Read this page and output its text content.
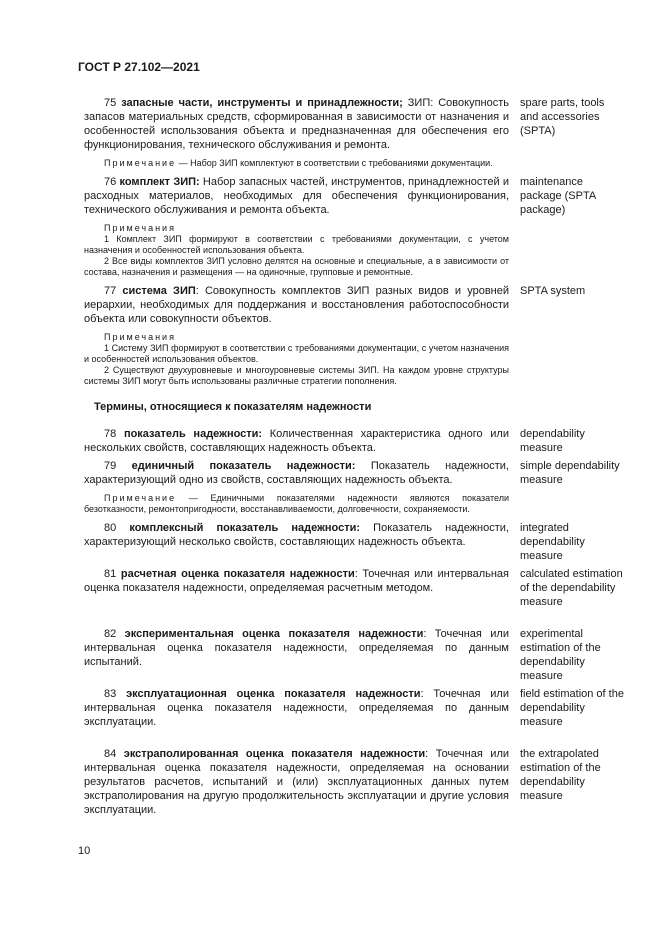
ГОСТ Р 27.102—2021
75 запасные части, инструменты и принадлежности; ЗИП: Совокупность запасов материальных средств, сформированная в зависимости от назначения и особенностей использования объекта и предназначенная для обеспечения его функционирования, технического обслуживания и ремонта.
spare parts, tools and accessories (SPTA)

Примечание — Набор ЗИП комплектуют в соответствии с требованиями документации.

76 комплект ЗИП: Набор запасных частей, инструментов, принадлежностей и расходных материалов, необходимых для обеспечения функционирования, технического обслуживания и ремонта объекта.
maintenance package (SPTA package)

Примечания

1 Комплект ЗИП формируют в соответствии с требованиями документации, с учетом назначения и особенностей использования объекта.

2 Все виды комплектов ЗИП условно делятся на основные и специальные, а в зависимости от состава, назначения и размещения — на одиночные, групповые и ремонтные.

77 система ЗИП: Совокупность комплектов ЗИП разных видов и уровней иерархии, необходимых для поддержания и восстановления работоспособности объекта или совокупности объектов.
SPTA system

Примечания

1 Систему ЗИП формируют в соответствии с требованиями документации, с учетом назначения и особенностей использования объектов.

2 Существуют двухуровневые и многоуровневые системы ЗИП. На каждом уровне структуры системы ЗИП могут быть использованы различные стратегии пополнения.

Термины, относящиеся к показателям надежности
78 показатель надежности: Количественная характеристика одного или нескольких свойств, составляющих надежность объекта.
dependability measure
79 единичный показатель надежности: Показатель надежности, характеризующий одно из свойств, составляющих надежность объекта.

Примечание — Единичными показателями надежности являются показатели безотказности, ремонтопригодности, восстанавливаемости, долговечности, сохраняемости.

simple dependability measure
80 комплексный показатель надежности: Показатель надежности, характеризующий несколько свойств, составляющих надежность объекта.
integrated dependability measure
81 расчетная оценка показателя надежности: Точечная или интервальная оценка показателя надежности, определяемая расчетным методом.
calculated estimation of the dependability measure
82 экспериментальная оценка показателя надежности: Точечная или интервальная оценка показателя надежности, определяемая по данным испытаний.
experimental estimation of the dependability measure
83 эксплуатационная оценка показателя надежности: Точечная или интервальная оценка показателя надежности, определяемая по данным эксплуатации.
field estimation of the dependability measure
84 экстраполированная оценка показателя надежности: Точечная или интервальная оценка показателя надежности, определяемая на основании результатов расчетов, испытаний и (или) эксплуатационных данных путем экстраполирования на другую продолжительность эксплуатации и другие условия эксплуатации.
the extrapolated estimation of the dependability measure
10
